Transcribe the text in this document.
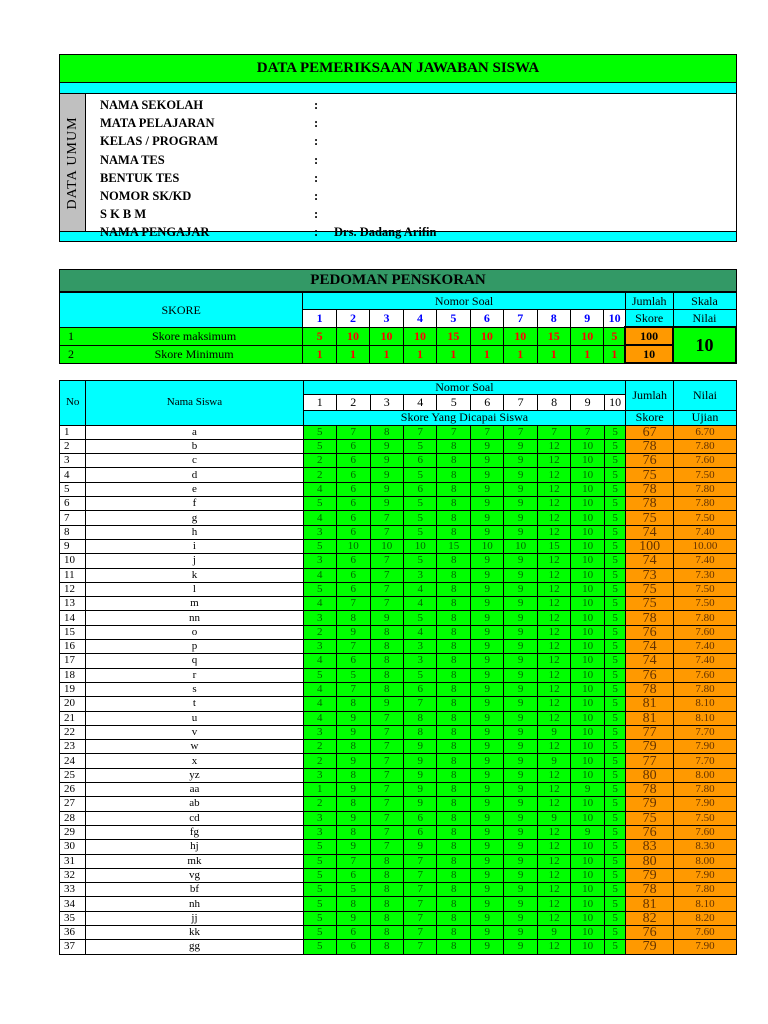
DATA PEMERIKSAAN JAWABAN SISWA
DATA UMUM
NAMA SEKOLAH	:
MATA PELAJARAN	:
KELAS / PROGRAM	:
NAMA TES	:
BENTUK TES	:
NOMOR SK/KD	:
S K B M	:
NAMA PENGAJAR	: Drs. Dadang Arifin
PEDOMAN PENSKORAN
SKORE		Nomor Soal										Jumlah	Skala
		1	2	3	4	5	6	7	8	9	10	Skore	Nilai
1	Skore maksimum	5	10	10	10	15	10	10	15	10	5	100	10
2	Skore Minimum	1	1	1	1	1	1	1	1	1	1	10	
No	Nama Siswa	Nomor Soal										Jumlah	Nilai
		1	2	3	4	5	6	7	8	9	10		
		Skore Yang Dicapai Siswa										Skore	Ujian
1	a	5	7	8	7	7	7	7	7	7	5	67	6.70
2	b	5	6	9	5	8	9	9	12	10	5	78	7.80
3	c	2	6	9	6	8	9	9	12	10	5	76	7.60
4	d	2	6	9	5	8	9	9	12	10	5	75	7.50
5	e	4	6	9	6	8	9	9	12	10	5	78	7.80
6	f	5	6	9	5	8	9	9	12	10	5	78	7.80
7	g	4	6	7	5	8	9	9	12	10	5	75	7.50
8	h	3	6	7	5	8	9	9	12	10	5	74	7.40
9	i	5	10	10	10	15	10	10	15	10	5	100	10.00
10	j	3	6	7	5	8	9	9	12	10	5	74	7.40
11	k	4	6	7	3	8	9	9	12	10	5	73	7.30
12	l	5	6	7	4	8	9	9	12	10	5	75	7.50
13	m	4	7	7	4	8	9	9	12	10	5	75	7.50
14	nn	3	8	9	5	8	9	9	12	10	5	78	7.80
15	o	2	9	8	4	8	9	9	12	10	5	76	7.60
16	p	3	7	8	3	8	9	9	12	10	5	74	7.40
17	q	4	6	8	3	8	9	9	12	10	5	74	7.40
18	r	5	5	8	5	8	9	9	12	10	5	76	7.60
19	s	4	7	8	6	8	9	9	12	10	5	78	7.80
20	t	4	8	9	7	8	9	9	12	10	5	81	8.10
21	u	4	9	7	8	8	9	9	12	10	5	81	8.10
22	v	3	9	7	8	8	9	9	9	10	5	77	7.70
23	w	2	8	7	9	8	9	9	12	10	5	79	7.90
24	x	2	9	7	9	8	9	9	9	10	5	77	7.70
25	yz	3	8	7	9	8	9	9	12	10	5	80	8.00
26	aa	1	9	7	9	8	9	9	12	9	5	78	7.80
27	ab	2	8	7	9	8	9	9	12	10	5	79	7.90
28	cd	3	9	7	6	8	9	9	9	10	5	75	7.50
29	fg	3	8	7	6	8	9	9	12	9	5	76	7.60
30	hj	5	9	7	9	8	9	9	12	10	5	83	8.30
31	mk	5	7	8	7	8	9	9	12	10	5	80	8.00
32	vg	5	6	8	7	8	9	9	12	10	5	79	7.90
33	bf	5	5	8	7	8	9	9	12	10	5	78	7.80
34	nh	5	8	8	7	8	9	9	12	10	5	81	8.10
35	jj	5	9	8	7	8	9	9	12	10	5	82	8.20
36	kk	5	6	8	7	8	9	9	9	10	5	76	7.60
37	gg	5	6	8	7	8	9	9	12	10	5	79	7.90
